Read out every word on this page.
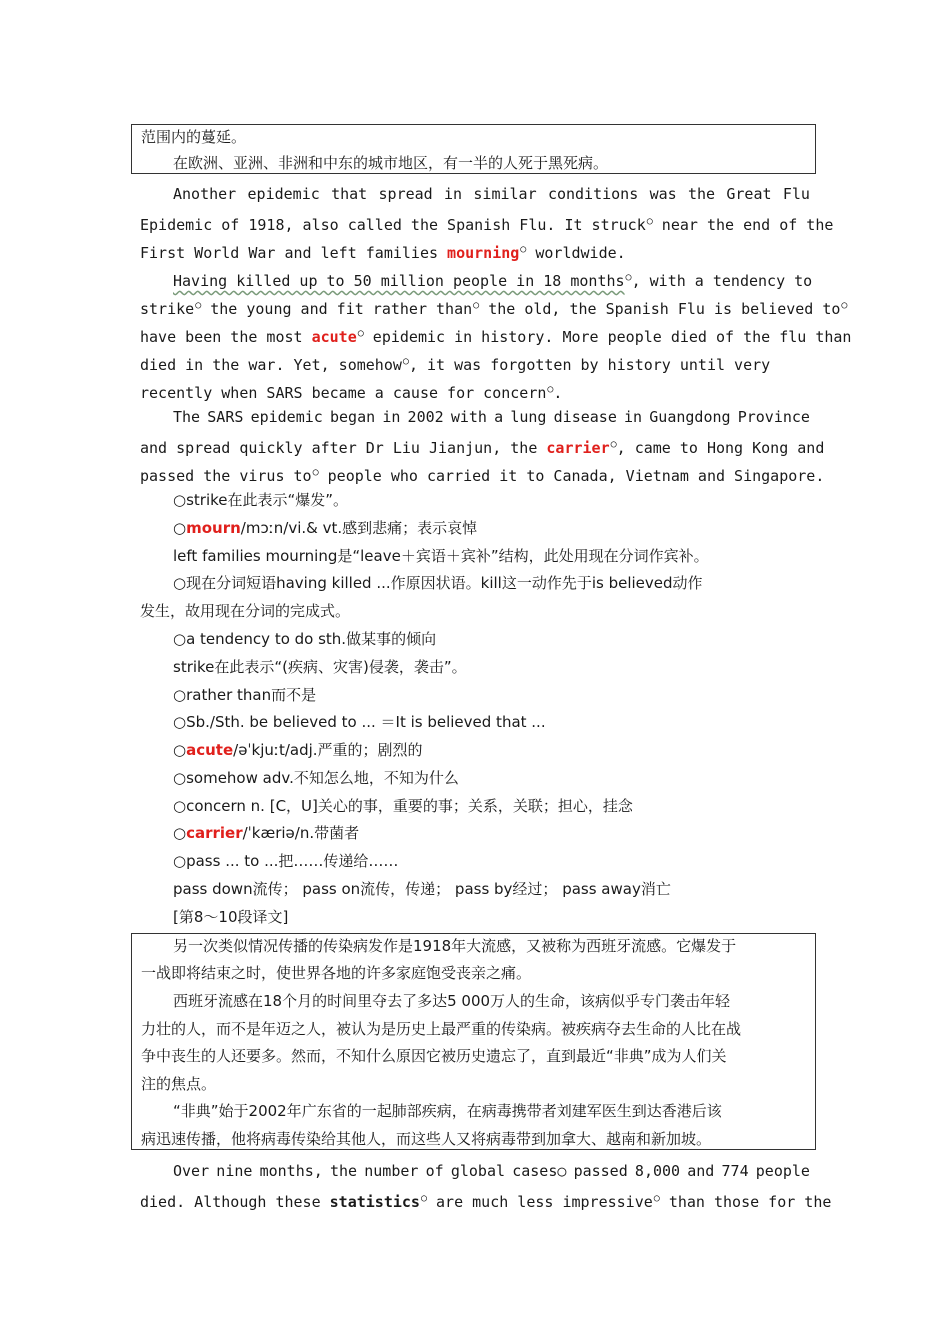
范围内的蔓延。
在欧洲、亚洲、非洲和中东的城市地区，有一半的人死于黑死病。
Another epidemic that spread in similar conditions was the Great Flu
Epidemic of 1918, also called the Spanish Flu. It struck○ near the end of the
First World War and left families mourning○ worldwide.
Having killed up to 50 million people in 18 months○, with a tendency to
strike○ the young and fit rather than○ the old, the Spanish Flu is believed to○
have been the most acute○ epidemic in history. More people died of the flu than
died in the war. Yet, somehow○, it was forgotten by history until very
recently when SARS became a cause for concern○.
The SARS epidemic began in 2002 with a lung disease in Guangdong Province
and spread quickly after Dr Liu Jianjun, the carrier○, came to Hong Kong and
passed the virus to○ people who carried it to Canada, Vietnam and Singapore.
○strike在此表示“爆发”。
○mourn/mɔːn/vi.& vt.感到悲痛；表示哀悼
left families mourning是“leave＋宾语＋宾补”结构，此处用现在分词作宾补。
○现在分词短语having killed ...作原因状语。kill这一动作先于is believed动作
发生，故用现在分词的完成式。
○a tendency to do sth.做某事的倾向
strike在此表示“(疾病、灾害)侵袭，袭击”。
○rather than而不是
○Sb./Sth. be believed to ... ＝It is believed that ...
○acute/əˈkjuːt/adj.严重的；剧烈的
○somehow adv.不知怎么地，不知为什么
○concern n. [C，U]关心的事，重要的事；关系，关联；担心，挂念
○carrier/ˈkæriə/n.带菌者
○pass ... to ...把……传递给……
pass down流传； pass on流传，传递； pass by经过； pass away消亡
[第8～10段译文]
另一次类似情况传播的传染病发作是1918年大流感，又被称为西班牙流感。它爆发于
一战即将结束之时，使世界各地的许多家庭饱受丧亲之痛。
西班牙流感在18个月的时间里夺去了多达5 000万人的生命，该病似乎专门袭击年轻
力壮的人，而不是年迈之人，被认为是历史上最严重的传染病。被疾病夺去生命的人比在战
争中丧生的人还要多。然而，不知什么原因它被历史遗忘了，直到最近“非典”成为人们关
注的焦点。
“非典”始于2002年广东省的一起肺部疾病，在病毒携带者刘建军医生到达香港后该
病迅速传播，他将病毒传染给其他人，而这些人又将病毒带到加拿大、越南和新加坡。
Over nine months, the number of global cases○ passed 8,000 and 774 people
died. Although these statistics○ are much less impressive○ than those for the
